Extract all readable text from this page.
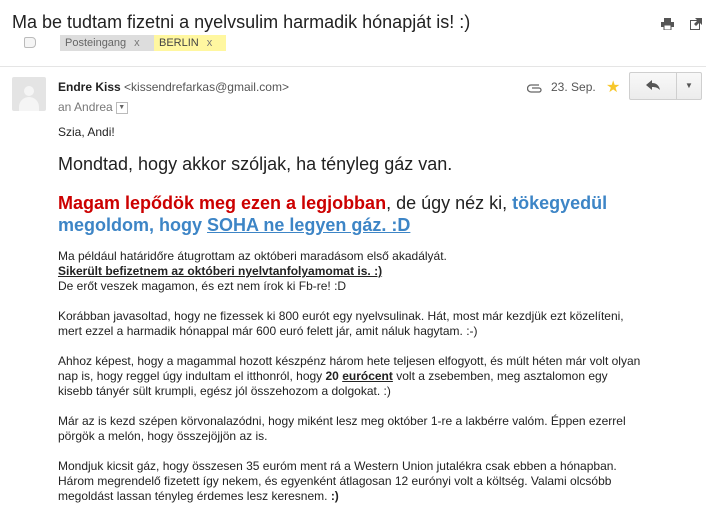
Ma be tudtam fizetni a nyelvsulim harmadik hónapját is! :)

Posteingang x	BERLIN x
Endre Kiss <kissendrefarkas@gmail.com>
an Andrea ▼
23. Sep. ★	▼

Szia, Andi!

Mondtad, hogy akkor szóljak, ha tényleg gáz van.

Magam lepődök meg ezen a legjobban, de úgy néz ki, tökegyedül megoldom, hogy SOHA ne legyen gáz. :D

Ma például határidőre átugrottam az októberi maradásom első akadályát.

Sikerült befizetnem az októberi nyelvtanfolyamomat is. :)

De erőt veszek magamon, és ezt nem írok ki Fb-re! :D

Korábban javasoltad, hogy ne fizessek ki 800 eurót egy nyelvsulinak. Hát, most már kezdjük ezt közelíteni,

mert ezzel a harmadik hónappal már 600 euró felett jár, amit náluk hagytam. :-)

Ahhoz képest, hogy a magammal hozott készpénz három hete teljesen elfogyott, és múlt héten már volt olyan

nap is, hogy reggel úgy indultam el itthonról, hogy 20 eurócent volt a zsebemben, meg asztalomon egy

kisebb tányér sült krumpli, egész jól összehozom a dolgokat. :)

Már az is kezd szépen körvonalazódni, hogy miként lesz meg október 1-re a lakbérre valóm. Éppen ezerrel

pörgök a melón, hogy összejöjjön az is.

Mondjuk kicsit gáz, hogy összesen 35 euróm ment rá a Western Union jutalékra csak ebben a hónapban.

Három megrendelő fizetett így nekem, és egyenként átlagosan 12 eurónyi volt a költség. Valami olcsóbb

megoldást lassan tényleg érdemes lesz keresnem. :)
